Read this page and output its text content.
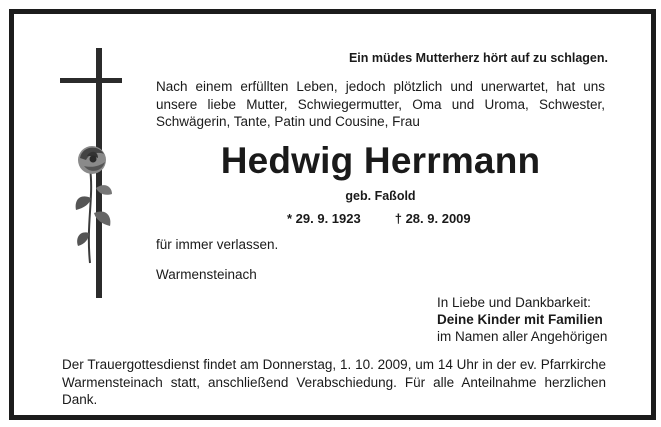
Ein müdes Mutterherz hört auf zu schlagen.
Nach einem erfüllten Leben, jedoch plötzlich und unerwartet, hat uns unsere liebe Mutter, Schwiegermutter, Oma und Uroma, Schwester, Schwägerin, Tante, Patin und Cousine, Frau
Hedwig Herrmann
geb. Faßold
* 29. 9. 1923	† 28. 9. 2009
für immer verlassen.
Warmensteinach
In Liebe und Dankbarkeit:
Deine Kinder mit Familien
im Namen aller Angehörigen
Der Trauergottesdienst findet am Donnerstag, 1. 10. 2009, um 14 Uhr in der ev. Pfarrkirche Warmensteinach statt, anschließend Verabschiedung. Für alle Anteilnahme herzlichen Dank.
